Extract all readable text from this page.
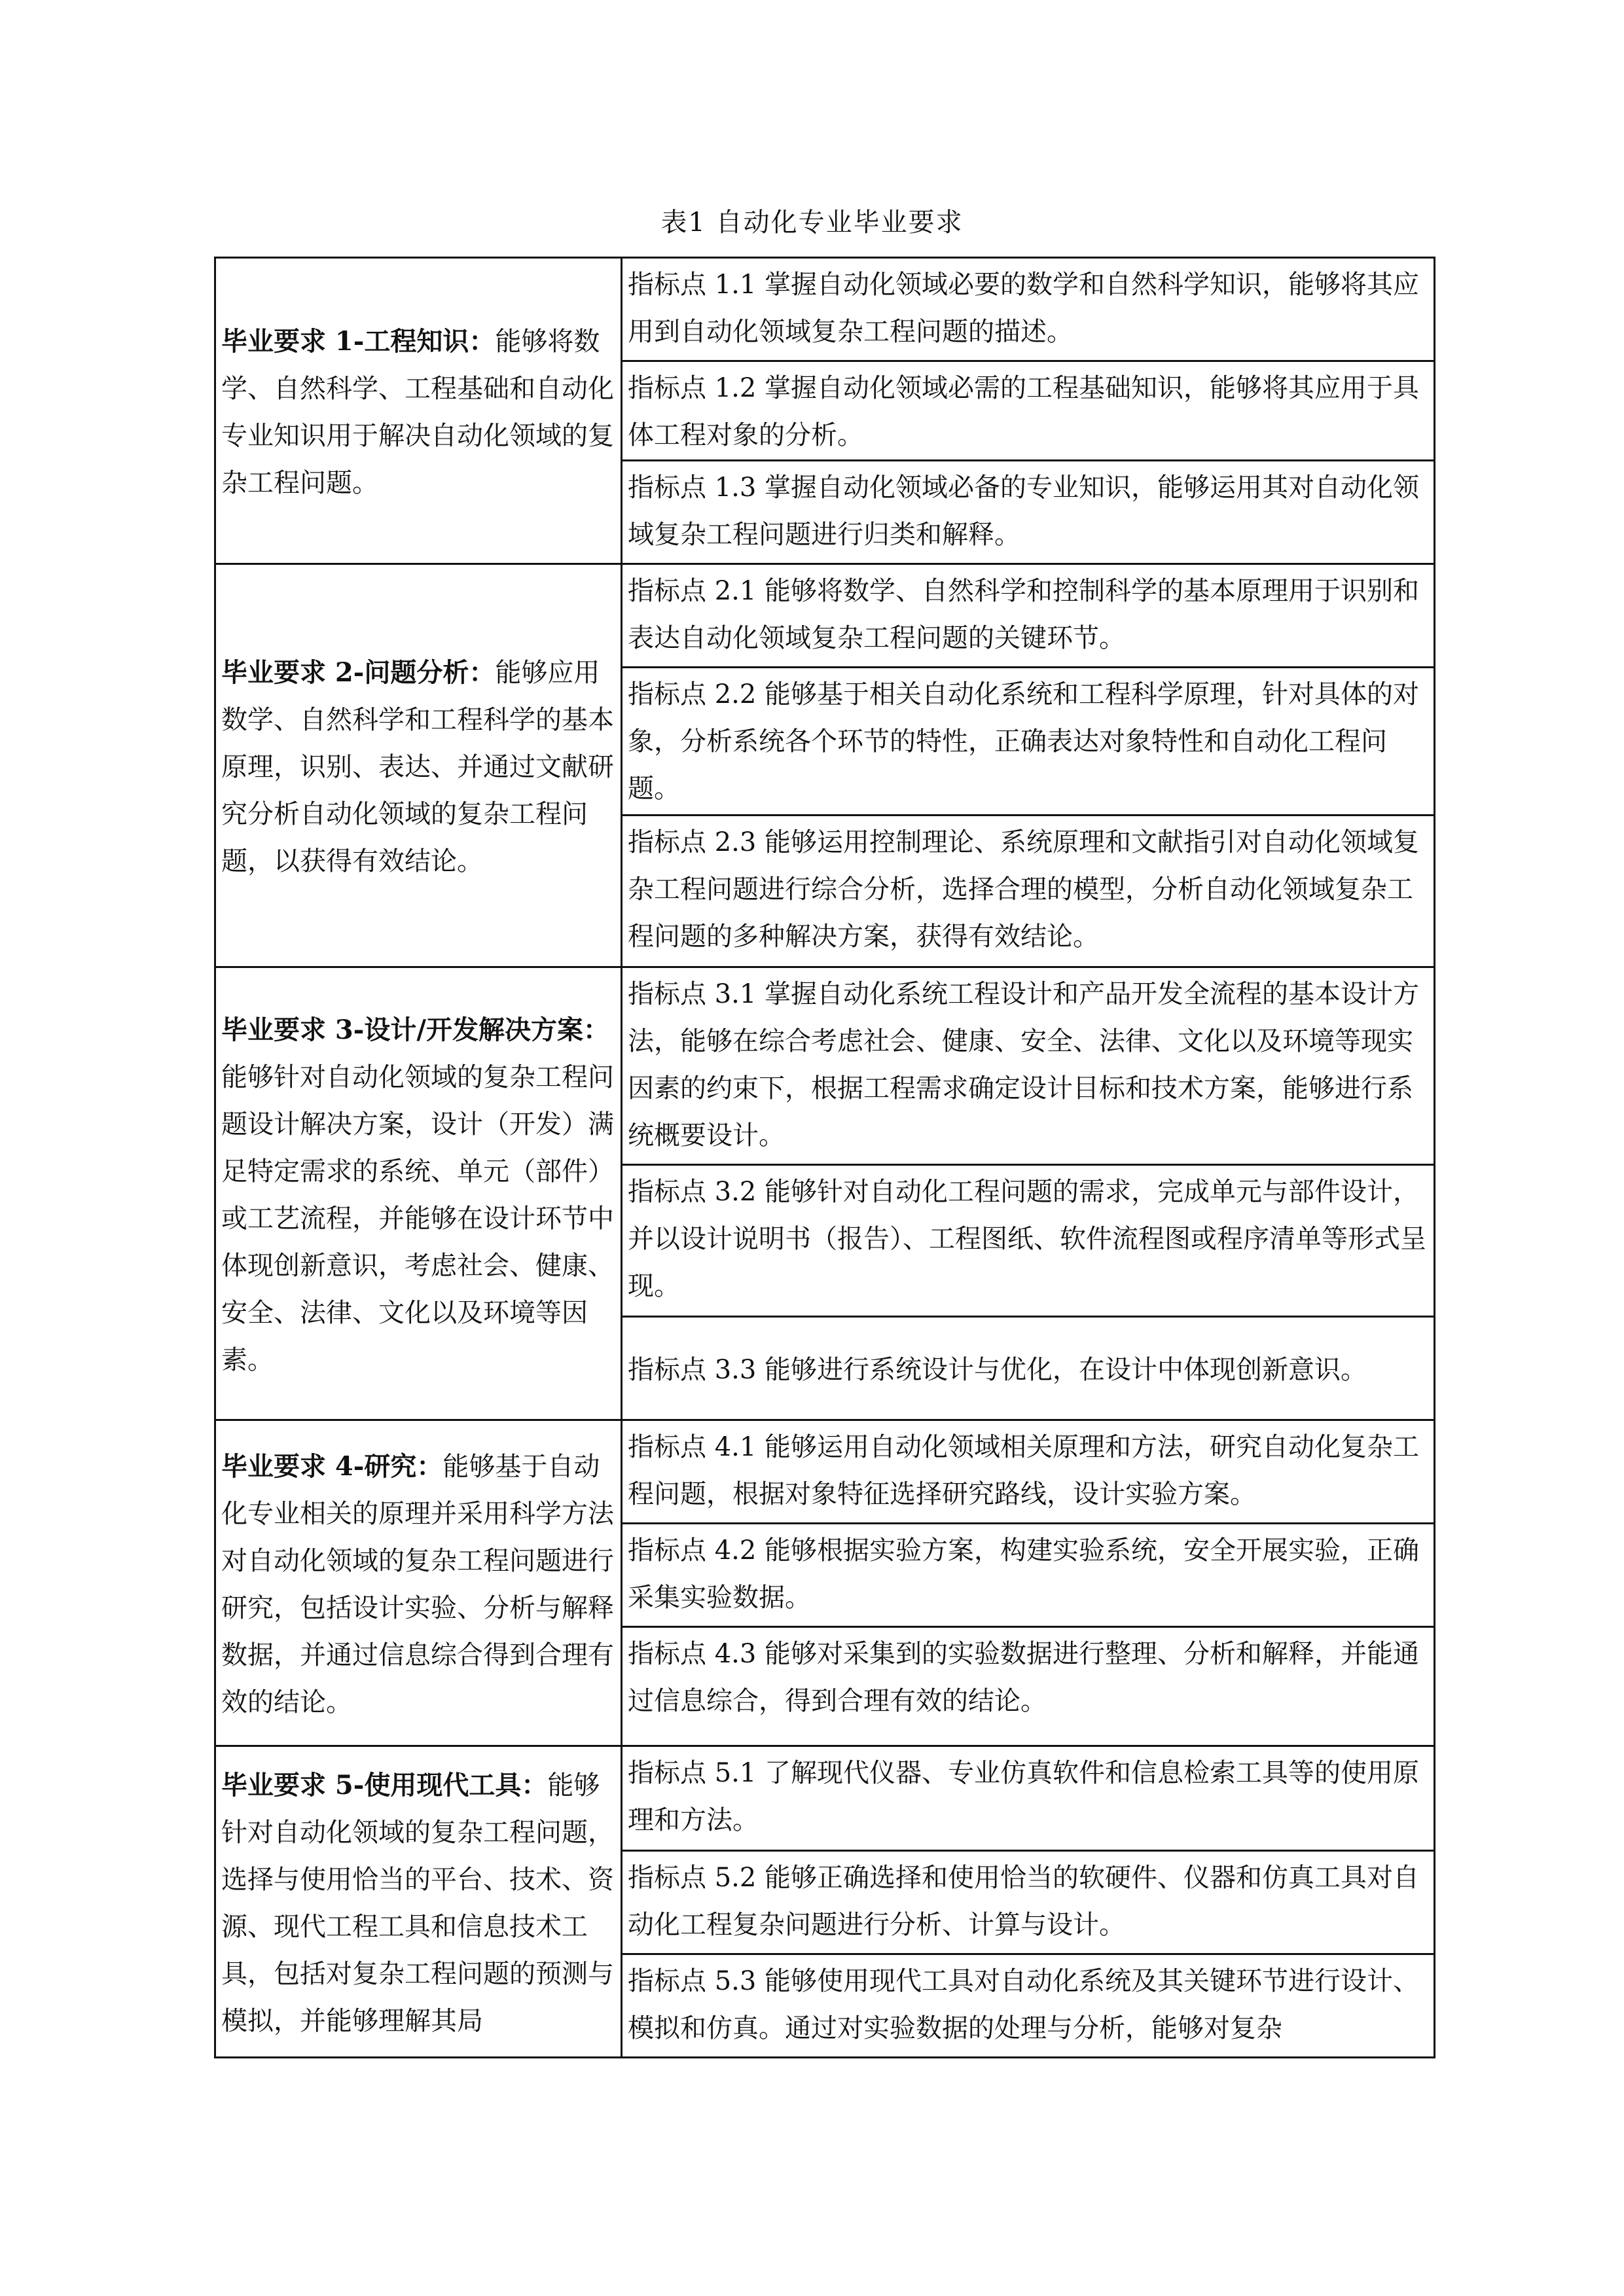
表1 自动化专业毕业要求
毕业要求 1-工程知识：能够将数学、自然科学、工程基础和自动化专业知识用于解决自动化领域的复杂工程问题。	指标点 1.1 掌握自动化领域必要的数学和自然科学知识，能够将其应用到自动化领域复杂工程问题的描述。
	指标点 1.2 掌握自动化领域必需的工程基础知识，能够将其应用于具体工程对象的分析。
	指标点 1.3 掌握自动化领域必备的专业知识，能够运用其对自动化领域复杂工程问题进行归类和解释。
毕业要求 2-问题分析：能够应用数学、自然科学和工程科学的基本原理，识别、表达、并通过文献研究分析自动化领域的复杂工程问题，以获得有效结论。	指标点 2.1 能够将数学、自然科学和控制科学的基本原理用于识别和表达自动化领域复杂工程问题的关键环节。
	指标点 2.2 能够基于相关自动化系统和工程科学原理，针对具体的对象，分析系统各个环节的特性，正确表达对象特性和自动化工程问题。
	指标点 2.3 能够运用控制理论、系统原理和文献指引对自动化领域复杂工程问题进行综合分析，选择合理的模型，分析自动化领域复杂工程问题的多种解决方案，获得有效结论。
毕业要求 3-设计/开发解决方案：能够针对自动化领域的复杂工程问题设计解决方案，设计（开发）满足特定需求的系统、单元（部件）或工艺流程，并能够在设计环节中体现创新意识，考虑社会、健康、安全、法律、文化以及环境等因素。	指标点 3.1 掌握自动化系统工程设计和产品开发全流程的基本设计方法，能够在综合考虑社会、健康、安全、法律、文化以及环境等现实因素的约束下，根据工程需求确定设计目标和技术方案，能够进行系统概要设计。
	指标点 3.2 能够针对自动化工程问题的需求，完成单元与部件设计，并以设计说明书（报告）、工程图纸、软件流程图或程序清单等形式呈现。
	指标点 3.3 能够进行系统设计与优化，在设计中体现创新意识。
毕业要求 4-研究：能够基于自动化专业相关的原理并采用科学方法对自动化领域的复杂工程问题进行研究，包括设计实验、分析与解释数据，并通过信息综合得到合理有效的结论。	指标点 4.1 能够运用自动化领域相关原理和方法，研究自动化复杂工程问题，根据对象特征选择研究路线，设计实验方案。
	指标点 4.2 能够根据实验方案，构建实验系统，安全开展实验，正确采集实验数据。
	指标点 4.3 能够对采集到的实验数据进行整理、分析和解释，并能通过信息综合，得到合理有效的结论。
毕业要求 5-使用现代工具：能够针对自动化领域的复杂工程问题，选择与使用恰当的平台、技术、资源、现代工程工具和信息技术工具，包括对复杂工程问题的预测与模拟，并能够理解其局	指标点 5.1 了解现代仪器、专业仿真软件和信息检索工具等的使用原理和方法。
	指标点 5.2 能够正确选择和使用恰当的软硬件、仪器和仿真工具对自动化工程复杂问题进行分析、计算与设计。
	指标点 5.3 能够使用现代工具对自动化系统及其关键环节进行设计、模拟和仿真。通过对实验数据的处理与分析，能够对复杂
